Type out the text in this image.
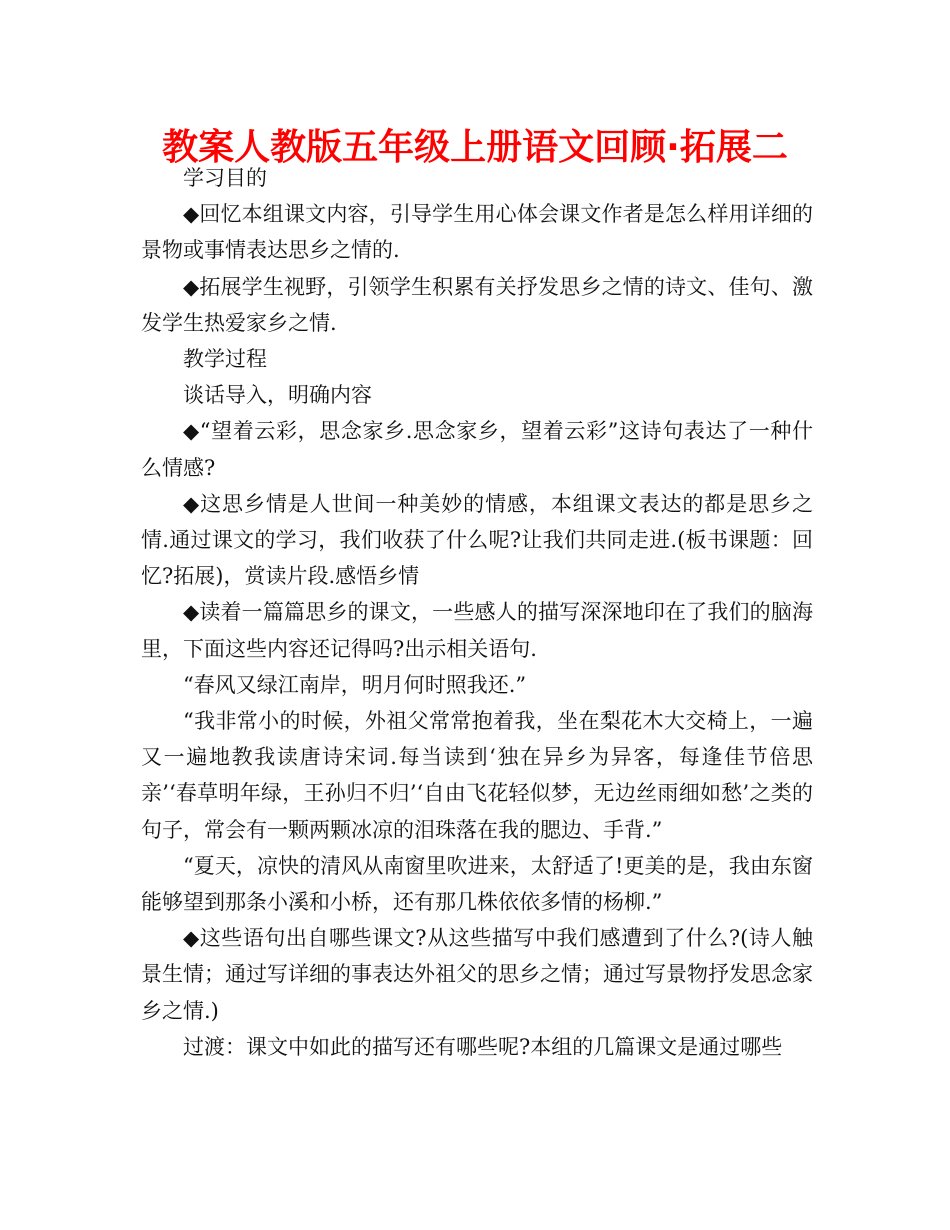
教案人教版五年级上册语文回顾·拓展二

学习目的

◆回忆本组课文内容，引导学生用心体会课文作者是怎么样用详细的景物或事情表达思乡之情的.

◆拓展学生视野，引领学生积累有关抒发思乡之情的诗文、佳句、激发学生热爱家乡之情.

教学过程

谈话导入，明确内容

◆“望着云彩，思念家乡.思念家乡，望着云彩”这诗句表达了一种什么情感?

◆这思乡情是人世间一种美妙的情感，本组课文表达的都是思乡之情.通过课文的学习，我们收获了什么呢?让我们共同走进.(板书课题：回忆?拓展)，赏读片段.感悟乡情

◆读着一篇篇思乡的课文，一些感人的描写深深地印在了我们的脑海里，下面这些内容还记得吗?出示相关语句.

“春风又绿江南岸，明月何时照我还.”

“我非常小的时候，外祖父常常抱着我，坐在梨花木大交椅上，一遍又一遍地教我读唐诗宋词.每当读到‘独在异乡为异客，每逢佳节倍思亲’‘春草明年绿，王孙归不归’‘自由飞花轻似梦，无边丝雨细如愁’之类的句子，常会有一颗两颗冰凉的泪珠落在我的腮边、手背.”

“夏天，凉快的清风从南窗里吹进来，太舒适了!更美的是，我由东窗能够望到那条小溪和小桥，还有那几株依依多情的杨柳.”

◆这些语句出自哪些课文?从这些描写中我们感遭到了什么?(诗人触景生情；通过写详细的事表达外祖父的思乡之情；通过写景物抒发思念家乡之情.)

过渡：课文中如此的描写还有哪些呢?本组的几篇课文是通过哪些
